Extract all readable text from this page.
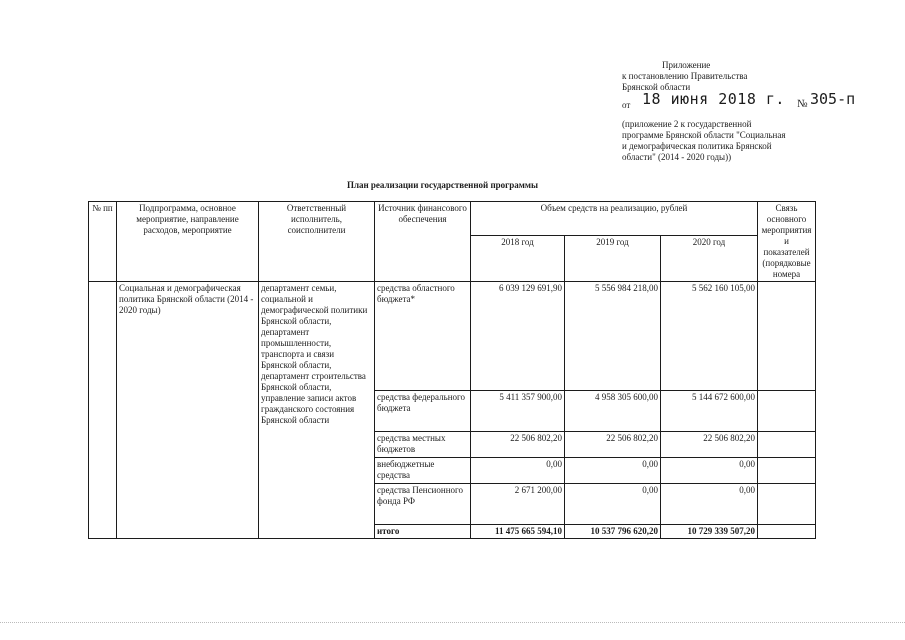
Приложение
к постановлению Правительства
Брянской области
от 18 июня 2018 г. № 305-п
(приложение 2 к государственной
программе Брянской области "Социальная
и демографическая политика Брянской
области" (2014 - 2020 годы))
План реализации государственной программы
№ пп	Подпрограмма, основное мероприятие, направление расходов, мероприятие	Ответственный исполнитель, соисполнители	Источник финансового обеспечения	Объем средств на реализацию, рублей			Связь основного мероприятия и показателей (порядковые номера
				2018 год	2019 год	2020 год	
	Социальная и демографическая политика Брянской области (2014 - 2020 годы)	департамент семьи, социальной и демографической политики Брянской области, департамент промышленности, транспорта и связи Брянской области, департамент строительства Брянской области, управление записи актов гражданского состояния Брянской области	средства областного бюджета*	6 039 129 691,90	5 556 984 218,00	5 562 160 105,00	
			средства федерального бюджета	5 411 357 900,00	4 958 305 600,00	5 144 672 600,00	
			средства местных бюджетов	22 506 802,20	22 506 802,20	22 506 802,20	
			внебюджетные средства	0,00	0,00	0,00	
			средства Пенсионного фонда РФ	2 671 200,00	0,00	0,00	
			итого	11 475 665 594,10	10 537 796 620,20	10 729 339 507,20	
